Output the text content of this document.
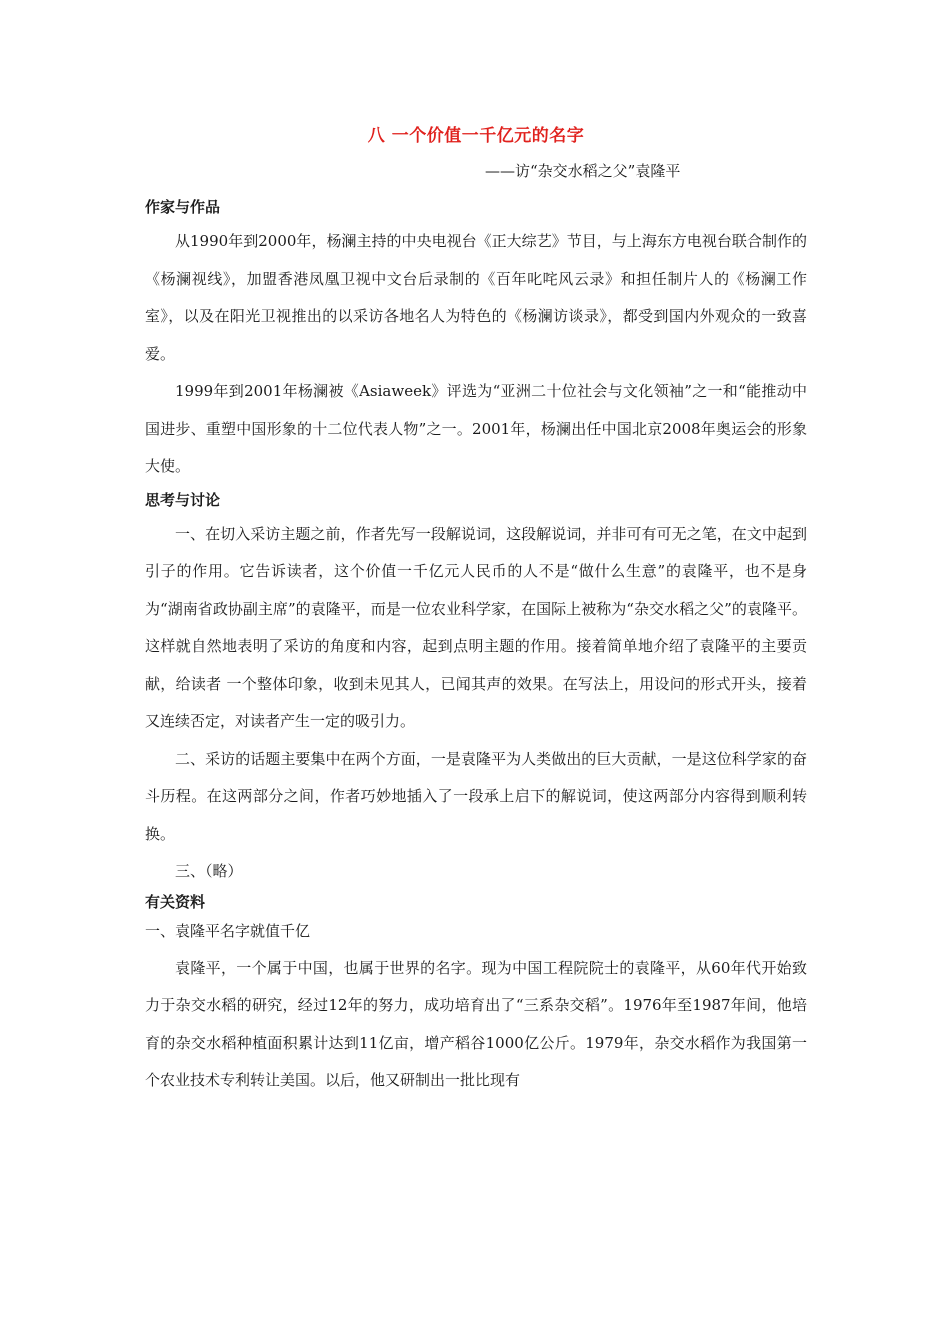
八 一个价值一千亿元的名字
——访“杂交水稻之父”袁隆平
作家与作品

从1990年到2000年，杨澜主持的中央电视台《正大综艺》节目，与上海东方电视台联合制作的《杨澜视线》，加盟香港凤凰卫视中文台后录制的《百年叱咤风云录》和担任制片人的《杨澜工作室》，以及在阳光卫视推出的以采访各地名人为特色的《杨澜访谈录》，都受到国内外观众的一致喜爱。

1999年到2001年杨澜被《Asiaweek》评选为“亚洲二十位社会与文化领袖”之一和“能推动中国进步、重塑中国形象的十二位代表人物”之一。2001年，杨澜出任中国北京2008年奥运会的形象大使。

思考与讨论

一、在切入采访主题之前，作者先写一段解说词，这段解说词，并非可有可无之笔，在文中起到引子的作用。它告诉读者，这个价值一千亿元人民币的人不是“做什么生意”的袁隆平，也不是身为“湖南省政协副主席”的袁隆平，而是一位农业科学家，在国际上被称为“杂交水稻之父”的袁隆平。这样就自然地表明了采访的角度和内容，起到点明主题的作用。接着简单地介绍了袁隆平的主要贡献，给读者 一个整体印象，收到未见其人，已闻其声的效果。在写法上，用设问的形式开头，接着又连续否定，对读者产生一定的吸引力。

二、采访的话题主要集中在两个方面，一是袁隆平为人类做出的巨大贡献，一是这位科学家的奋斗历程。在这两部分之间，作者巧妙地插入了一段承上启下的解说词，使这两部分内容得到顺利转换。

三、（略）

有关资料

一、袁隆平名字就值千亿

袁隆平，一个属于中国，也属于世界的名字。现为中国工程院院士的袁隆平，从60年代开始致力于杂交水稻的研究，经过12年的努力，成功培育出了“三系杂交稻”。1976年至1987年间，他培育的杂交水稻种植面积累计达到11亿亩，增产稻谷1000亿公斤。1979年，杂交水稻作为我国第一个农业技术专利转让美国。以后，他又研制出一批比现有
